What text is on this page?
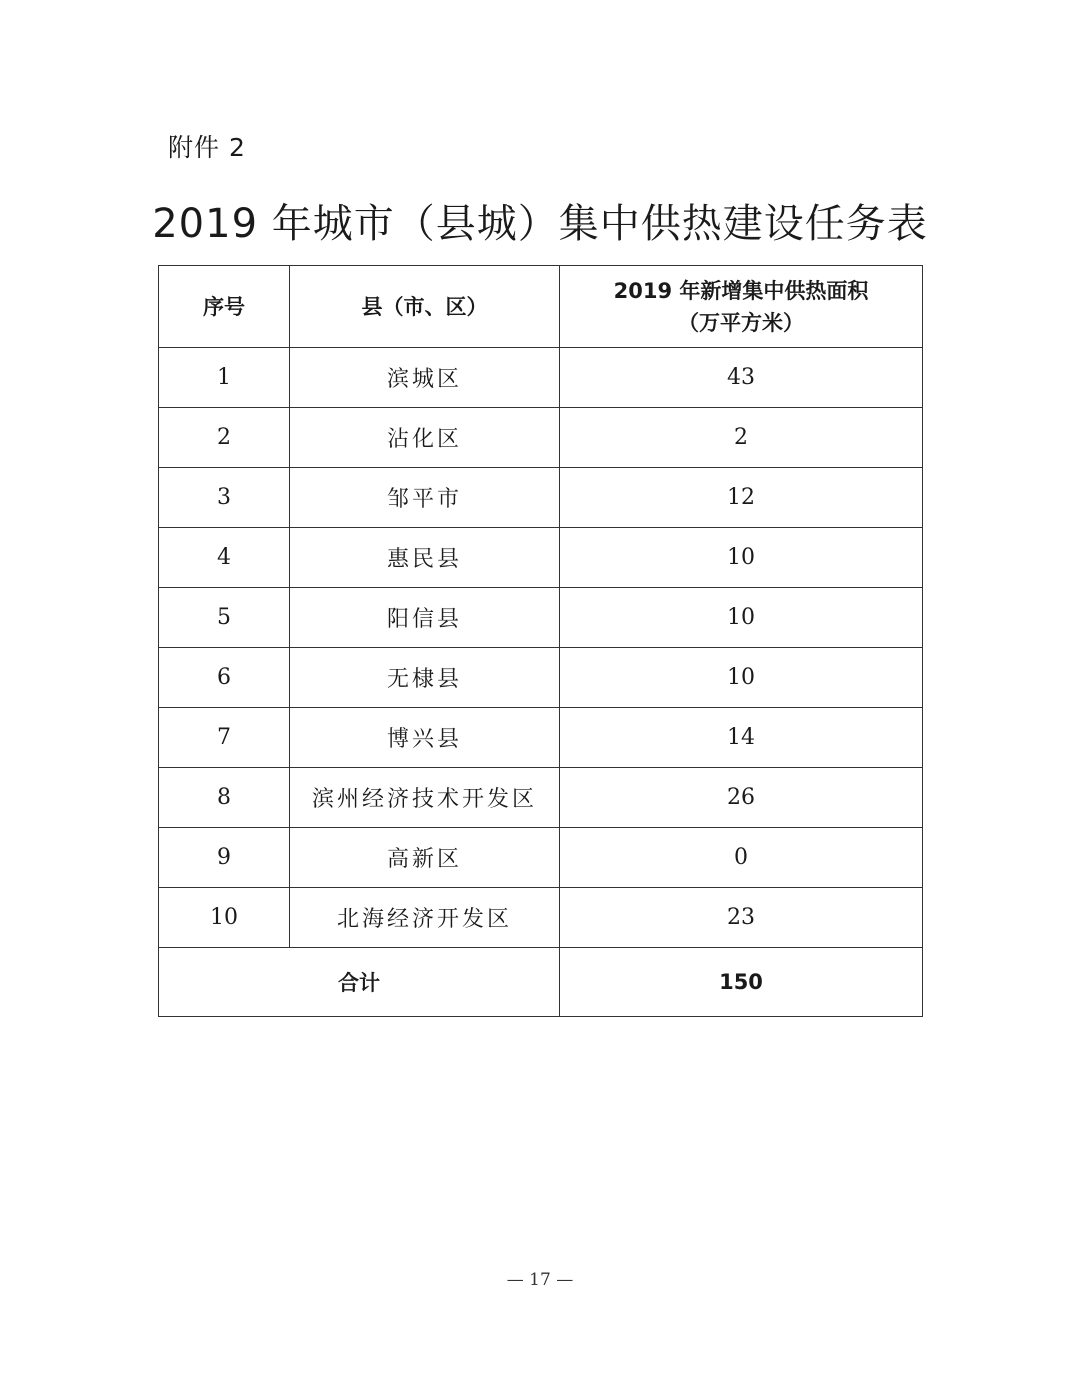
附件 2
2019 年城市（县城）集中供热建设任务表
序号	县（市、区）	2019 年新增集中供热面积
（万平方米）

1	滨城区	43
2	沾化区	2
3	邹平市	12
4	惠民县	10
5	阳信县	10
6	无棣县	10
7	博兴县	14
8	滨州经济技术开发区	26
9	高新区	0
10	北海经济开发区	23
合计		150
— 17 —
